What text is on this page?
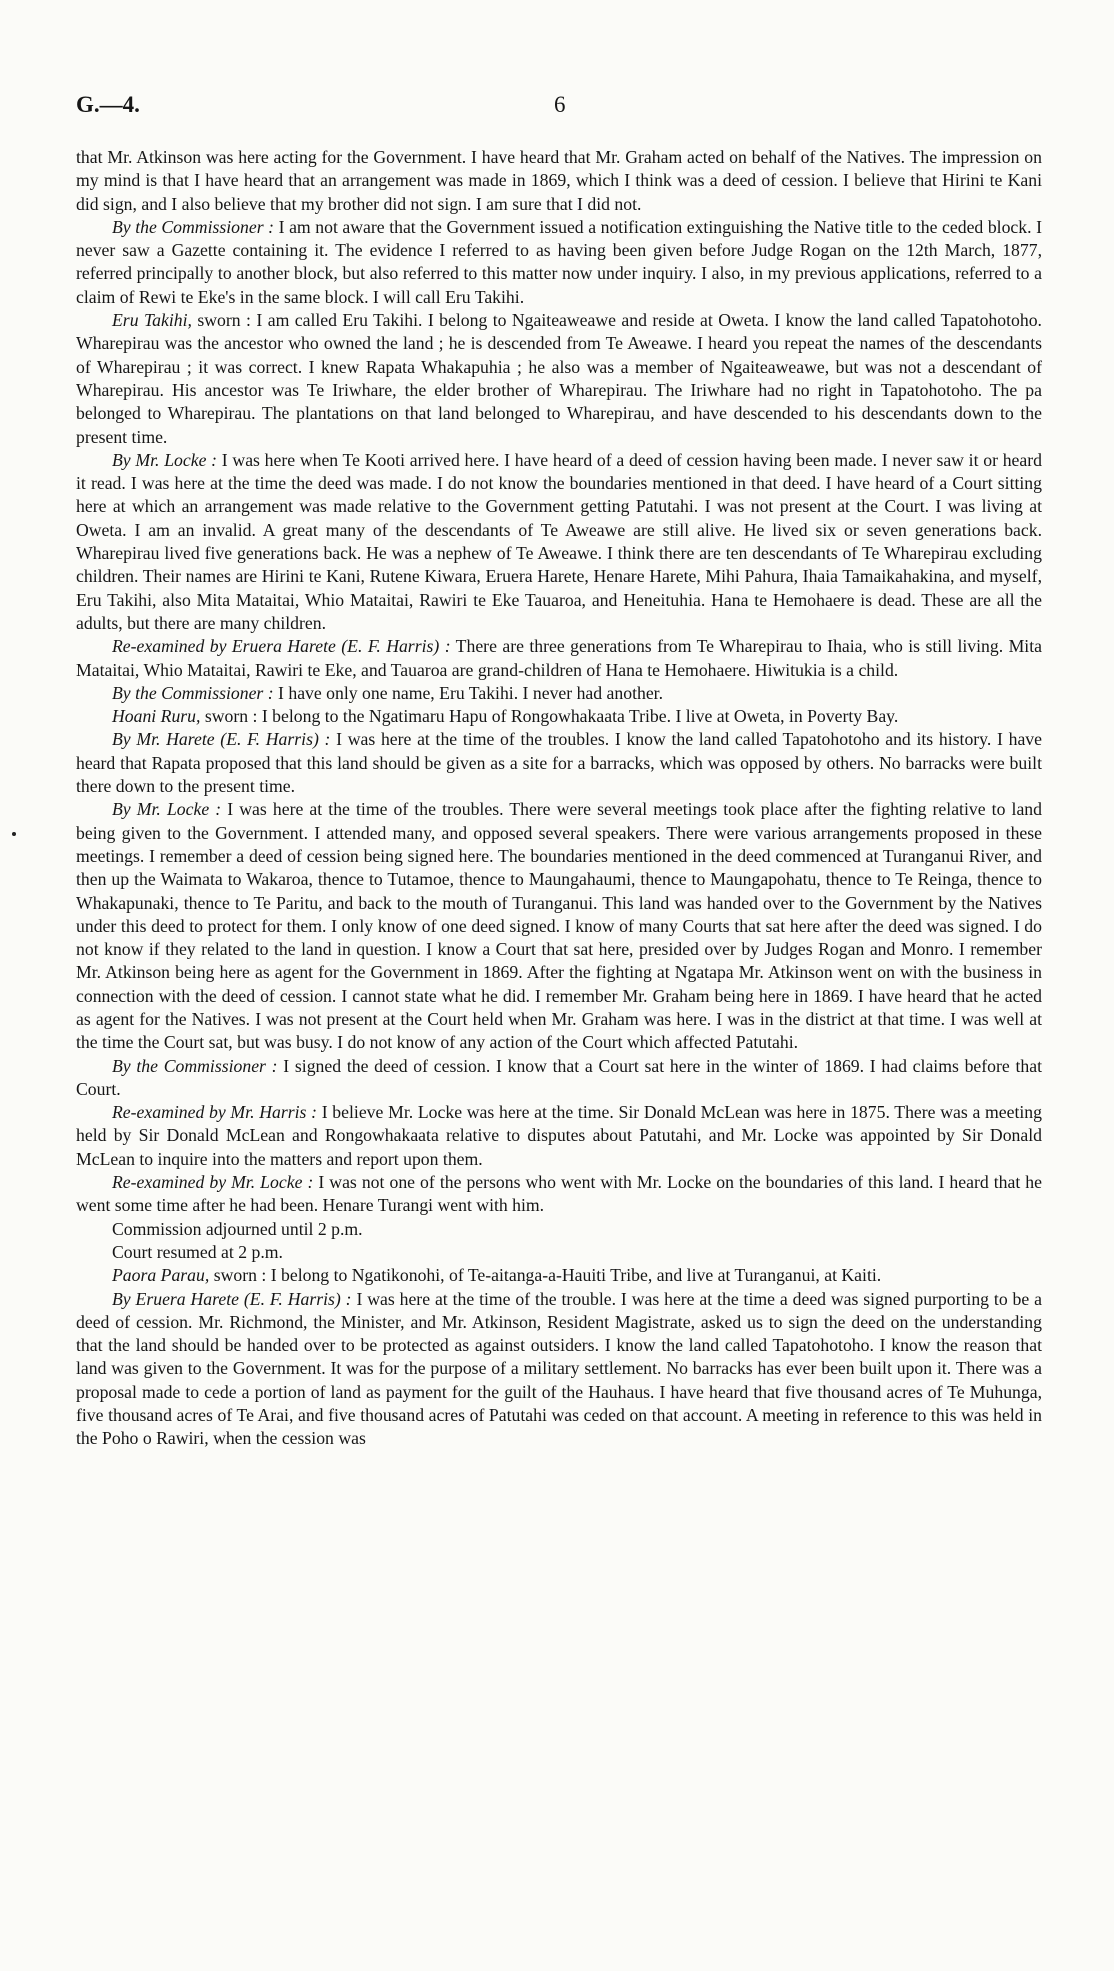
G.—4.	6

that Mr. Atkinson was here acting for the Government. I have heard that Mr. Graham acted on behalf of the Natives. The impression on my mind is that I have heard that an arrangement was made in 1869, which I think was a deed of cession. I believe that Hirini te Kani did sign, and I also believe that my brother did not sign. I am sure that I did not.

By the Commissioner : I am not aware that the Government issued a notification extinguishing the Native title to the ceded block. I never saw a Gazette containing it. The evidence I referred to as having been given before Judge Rogan on the 12th March, 1877, referred principally to another block, but also referred to this matter now under inquiry. I also, in my previous applications, referred to a claim of Rewi te Eke's in the same block. I will call Eru Takihi.

Eru Takihi, sworn : I am called Eru Takihi. I belong to Ngaiteaweawe and reside at Oweta. I know the land called Tapatohotoho. Wharepirau was the ancestor who owned the land ; he is descended from Te Aweawe. I heard you repeat the names of the descendants of Wharepirau ; it was correct. I knew Rapata Whakapuhia ; he also was a member of Ngaiteaweawe, but was not a descendant of Wharepirau. His ancestor was Te Iriwhare, the elder brother of Wharepirau. The Iriwhare had no right in Tapatohotoho. The pa belonged to Wharepirau. The plantations on that land belonged to Wharepirau, and have descended to his descendants down to the present time.

By Mr. Locke : I was here when Te Kooti arrived here. I have heard of a deed of cession having been made. I never saw it or heard it read. I was here at the time the deed was made. I do not know the boundaries mentioned in that deed. I have heard of a Court sitting here at which an arrangement was made relative to the Government getting Patutahi. I was not present at the Court. I was living at Oweta. I am an invalid. A great many of the descendants of Te Aweawe are still alive. He lived six or seven generations back. Wharepirau lived five generations back. He was a nephew of Te Aweawe. I think there are ten descendants of Te Wharepirau excluding children. Their names are Hirini te Kani, Rutene Kiwara, Eruera Harete, Henare Harete, Mihi Pahura, Ihaia Tamaikahakina, and myself, Eru Takihi, also Mita Mataitai, Whio Mataitai, Rawiri te Eke Tauaroa, and Heneituhia. Hana te Hemohaere is dead. These are all the adults, but there are many children.

Re-examined by Eruera Harete (E. F. Harris) : There are three generations from Te Wharepirau to Ihaia, who is still living. Mita Mataitai, Whio Mataitai, Rawiri te Eke, and Tauaroa are grand-children of Hana te Hemohaere. Hiwitukia is a child.

By the Commissioner : I have only one name, Eru Takihi. I never had another.

Hoani Ruru, sworn : I belong to the Ngatimaru Hapu of Rongowhakaata Tribe. I live at Oweta, in Poverty Bay.

By Mr. Harete (E. F. Harris) : I was here at the time of the troubles. I know the land called Tapatohotoho and its history. I have heard that Rapata proposed that this land should be given as a site for a barracks, which was opposed by others. No barracks were built there down to the present time.

By Mr. Locke : I was here at the time of the troubles. There were several meetings took place after the fighting relative to land being given to the Government. I attended many, and opposed several speakers. There were various arrangements proposed in these meetings. I remember a deed of cession being signed here. The boundaries mentioned in the deed commenced at Turanganui River, and then up the Waimata to Wakaroa, thence to Tutamoe, thence to Maungahaumi, thence to Maungapohatu, thence to Te Reinga, thence to Whakapunaki, thence to Te Paritu, and back to the mouth of Turanganui. This land was handed over to the Government by the Natives under this deed to protect for them. I only know of one deed signed. I know of many Courts that sat here after the deed was signed. I do not know if they related to the land in question. I know a Court that sat here, presided over by Judges Rogan and Monro. I remember Mr. Atkinson being here as agent for the Government in 1869. After the fighting at Ngatapa Mr. Atkinson went on with the business in connection with the deed of cession. I cannot state what he did. I remember Mr. Graham being here in 1869. I have heard that he acted as agent for the Natives. I was not present at the Court held when Mr. Graham was here. I was in the district at that time. I was well at the time the Court sat, but was busy. I do not know of any action of the Court which affected Patutahi.

By the Commissioner : I signed the deed of cession. I know that a Court sat here in the winter of 1869. I had claims before that Court.

Re-examined by Mr. Harris : I believe Mr. Locke was here at the time. Sir Donald McLean was here in 1875. There was a meeting held by Sir Donald McLean and Rongowhakaata relative to disputes about Patutahi, and Mr. Locke was appointed by Sir Donald McLean to inquire into the matters and report upon them.

Re-examined by Mr. Locke : I was not one of the persons who went with Mr. Locke on the boundaries of this land. I heard that he went some time after he had been. Henare Turangi went with him.

Commission adjourned until 2 p.m.

Court resumed at 2 p.m.

Paora Parau, sworn : I belong to Ngatikonohi, of Te-aitanga-a-Hauiti Tribe, and live at Turanganui, at Kaiti.

By Eruera Harete (E. F. Harris) : I was here at the time of the trouble. I was here at the time a deed was signed purporting to be a deed of cession. Mr. Richmond, the Minister, and Mr. Atkinson, Resident Magistrate, asked us to sign the deed on the understanding that the land should be handed over to be protected as against outsiders. I know the land called Tapatohotoho. I know the reason that land was given to the Government. It was for the purpose of a military settlement. No barracks has ever been built upon it. There was a proposal made to cede a portion of land as payment for the guilt of the Hauhaus. I have heard that five thousand acres of Te Muhunga, five thousand acres of Te Arai, and five thousand acres of Patutahi was ceded on that account. A meeting in reference to this was held in the Poho o Rawiri, when the cession was
